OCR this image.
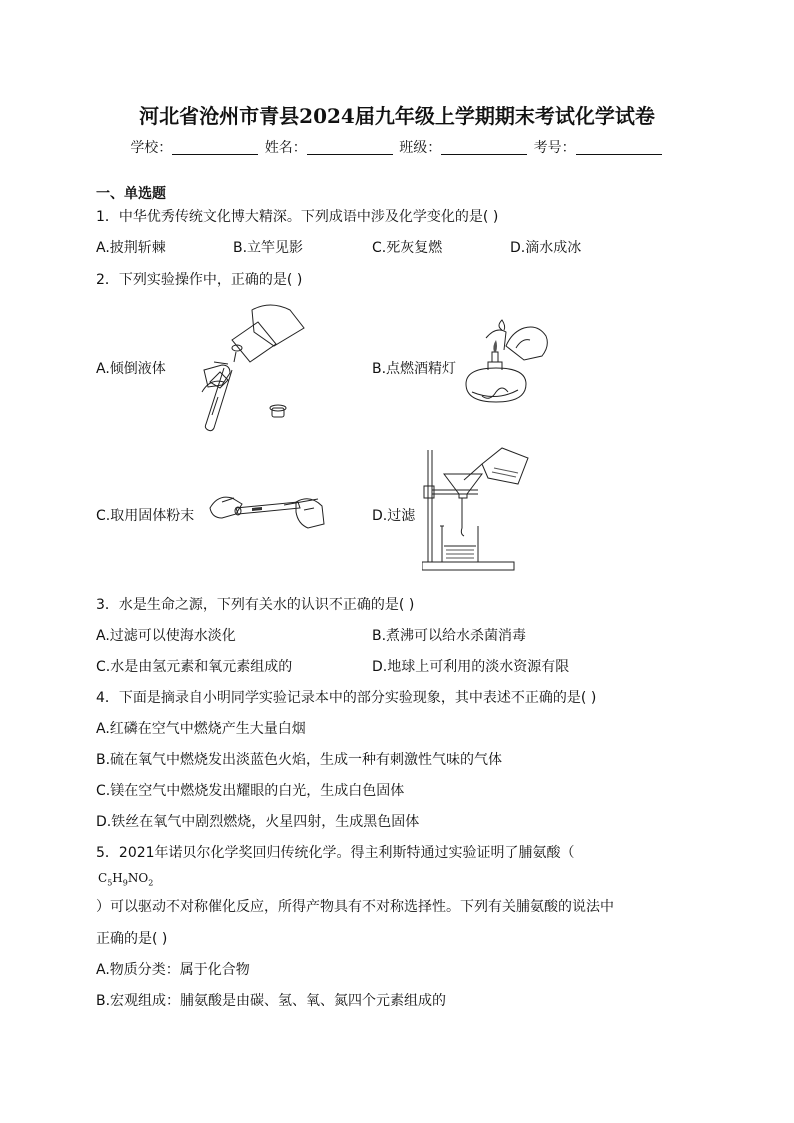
河北省沧州市青县2024届九年级上学期期末考试化学试卷
学校：	姓名：	班级：	考号：
一、单选题
1．中华优秀传统文化博大精深。下列成语中涉及化学变化的是( )
A.披荆斩棘	B.立竿见影	C.死灰复燃	D.滴水成冰
2．下列实验操作中，正确的是( )
A.倾倒液体	B.点燃酒精灯
C.取用固体粉末	D.过滤
3．水是生命之源，下列有关水的认识不正确的是( )
A.过滤可以使海水淡化	B.煮沸可以给水杀菌消毒
C.水是由氢元素和氧元素组成的	D.地球上可利用的淡水资源有限
4．下面是摘录自小明同学实验记录本中的部分实验现象，其中表述不正确的是( )
A.红磷在空气中燃烧产生大量白烟
B.硫在氧气中燃烧发出淡蓝色火焰，生成一种有刺激性气味的气体
C.镁在空气中燃烧发出耀眼的白光，生成白色固体
D.铁丝在氧气中剧烈燃烧，火星四射，生成黑色固体
5．2021年诺贝尔化学奖回归传统化学。得主利斯特通过实验证明了脯氨酸（
$C_5H_9NO_2$
）可以驱动不对称催化反应，所得产物具有不对称选择性。下列有关脯氨酸的说法中
正确的是( )
A.物质分类：属于化合物
B.宏观组成：脯氨酸是由碳、氢、氧、氮四个元素组成的
